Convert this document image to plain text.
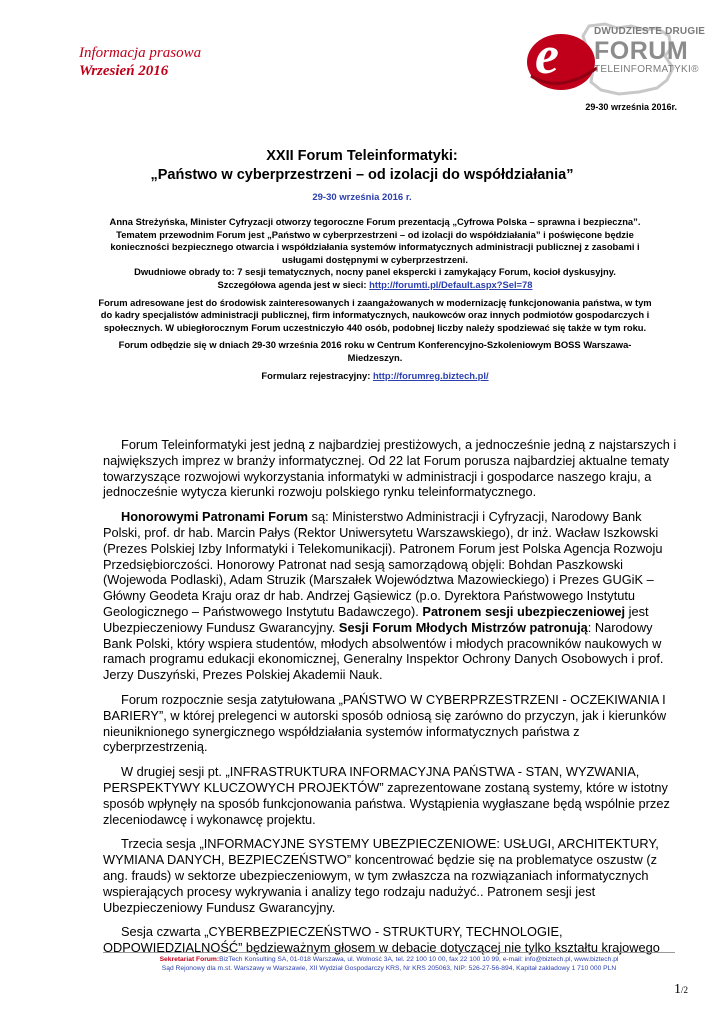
Informacja prasowa
Wrzesień 2016	e	DWUDZIESTE DRUGIE
FORUM
TELEINFORMATYKI®
29-30 września 2016r.
XXII Forum Teleinformatyki:
„Państwo w cyberprzestrzeni – od izolacji do współdziałania”
29-30 września 2016 r.

Anna Streżyńska, Minister Cyfryzacji otworzy tegoroczne Forum prezentacją „Cyfrowa Polska – sprawna i bezpieczna”. Tematem przewodnim Forum jest „Państwo w cyberprzestrzeni – od izolacji do współdziałania” i poświęcone będzie konieczności bezpiecznego otwarcia i współdziałania systemów informatycznych administracji publicznej z zasobami i usługami dostępnymi w cyberprzestrzeni.

Dwudniowe obrady to: 7 sesji tematycznych, nocny panel ekspercki i zamykający Forum, kocioł dyskusyjny.

Szczegółowa agenda jest w sieci: http://forumti.pl/Default.aspx?Sel=78

Forum adresowane jest do środowisk zainteresowanych i zaangażowanych w modernizację funkcjonowania państwa, w tym do kadry specjalistów administracji publicznej, firm informatycznych, naukowców oraz innych podmiotów gospodarczych i społecznych. W ubiegłorocznym Forum uczestniczyło 440 osób, podobnej liczby należy spodziewać się także w tym roku.

Forum odbędzie się w dniach 29-30 września 2016 roku w Centrum Konferencyjno-Szkoleniowym BOSS Warszawa-Miedzeszyn.

Formularz rejestracyjny: http://forumreg.biztech.pl/

Forum Teleinformatyki jest jedną z najbardziej prestiżowych, a jednocześnie jedną z najstarszych i największych imprez w branży informatycznej. Od 22 lat Forum porusza najbardziej aktualne tematy towarzyszące rozwojowi wykorzystania informatyki w administracji i gospodarce naszego kraju, a jednocześnie wytycza kierunki rozwoju polskiego rynku teleinformatycznego.

Honorowymi Patronami Forum są: Ministerstwo Administracji i Cyfryzacji, Narodowy Bank Polski, prof. dr hab. Marcin Pałys (Rektor Uniwersytetu Warszawskiego), dr inż. Wacław Iszkowski (Prezes Polskiej Izby Informatyki i Telekomunikacji). Patronem Forum jest Polska Agencja Rozwoju Przedsiębiorczości. Honorowy Patronat nad sesją samorządową objęli: Bohdan Paszkowski (Wojewoda Podlaski), Adam Struzik (Marszałek Województwa Mazowieckiego) i Prezes GUGiK – Główny Geodeta Kraju oraz dr hab. Andrzej Gąsiewicz (p.o. Dyrektora Państwowego Instytutu Geologicznego – Państwowego Instytutu Badawczego). Patronem sesji ubezpieczeniowej jest Ubezpieczeniowy Fundusz Gwarancyjny. Sesji Forum Młodych Mistrzów patronują: Narodowy Bank Polski, który wspiera studentów, młodych absolwentów i młodych pracowników naukowych w ramach programu edukacji ekonomicznej, Generalny Inspektor Ochrony Danych Osobowych i prof. Jerzy Duszyński, Prezes Polskiej Akademii Nauk.

Forum rozpocznie sesja zatytułowana „PAŃSTWO W CYBERPRZESTRZENI - OCZEKIWANIA I BARIERY”, w której prelegenci w autorski sposób odniosą się zarówno do przyczyn, jak i kierunków nieuniknionego synergicznego współdziałania systemów informatycznych państwa z cyberprzestrzenią.

W drugiej sesji pt. „INFRASTRUKTURA INFORMACYJNA PAŃSTWA - STAN, WYZWANIA, PERSPEKTYWY KLUCZOWYCH PROJEKTÓW” zaprezentowane zostaną systemy, które w istotny sposób wpłynęły na sposób funkcjonowania państwa. Wystąpienia wygłaszane będą wspólnie przez zleceniodawcę i wykonawcę projektu.

Trzecia sesja „INFORMACYJNE SYSTEMY UBEZPIECZENIOWE: USŁUGI, ARCHITEKTURY, WYMIANA DANYCH, BEZPIECZEŃSTWO” koncentrować będzie się na problematyce oszustw (z ang. frauds) w sektorze ubezpieczeniowym, w tym zwłaszcza na rozwiązaniach informatycznych wspierających procesy wykrywania i analizy tego rodzaju nadużyć.. Patronem sesji jest Ubezpieczeniowy Fundusz Gwarancyjny.

Sesja czwarta „CYBERBEZPIECZEŃSTWO - STRUKTURY, TECHNOLOGIE, ODPOWIEDZIALNOŚĆ” będzieważnym głosem w debacie dotyczącej nie tylko kształtu krajowego

Sekretariat Forum:BizTech Konsulting SA, 01-018 Warszawa, ul. Wolność 3A, tel. 22 100 10 00, fax 22 100 10 99, e-mail: info@biztech.pl, www.biztech.pl
Sąd Rejonowy dla m.st. Warszawy w Warszawie, XII Wydział Gospodarczy KRS, Nr KRS 205063, NIP: 526-27-56-894, Kapitał zakładowy 1 710 000 PLN
1/2
